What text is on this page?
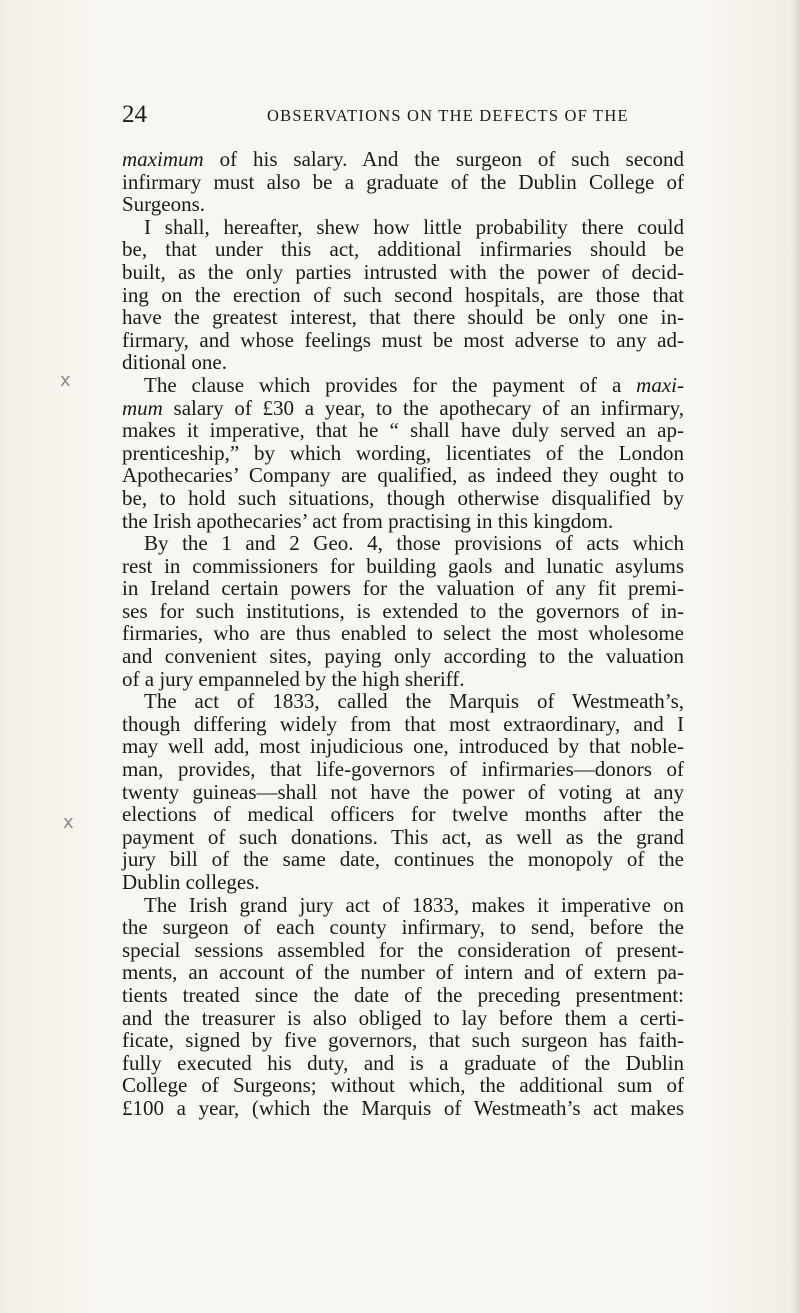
24	OBSERVATIONS ON THE DEFECTS OF THE
x
x
maximum of his salary. And the surgeon of such second
infirmary must also be a graduate of the Dublin College of
Surgeons.
I shall, hereafter, shew how little probability there could
be, that under this act, additional infirmaries should be
built, as the only parties intrusted with the power of decid-
ing on the erection of such second hospitals, are those that
have the greatest interest, that there should be only one in-
firmary, and whose feelings must be most adverse to any ad-
ditional one.
The clause which provides for the payment of a maxi-
mum salary of £30 a year, to the apothecary of an infirmary,
makes it imperative, that he “ shall have duly served an ap-
prenticeship,” by which wording, licentiates of the London
Apothecaries’ Company are qualified, as indeed they ought to
be, to hold such situations, though otherwise disqualified by
the Irish apothecaries’ act from practising in this kingdom.
By the 1 and 2 Geo. 4, those provisions of acts which
rest in commissioners for building gaols and lunatic asylums
in Ireland certain powers for the valuation of any fit premi-
ses for such institutions, is extended to the governors of in-
firmaries, who are thus enabled to select the most wholesome
and convenient sites, paying only according to the valuation
of a jury empanneled by the high sheriff.
The act of 1833, called the Marquis of Westmeath’s,
though differing widely from that most extraordinary, and I
may well add, most injudicious one, introduced by that noble-
man, provides, that life-governors of infirmaries—donors of
twenty guineas—shall not have the power of voting at any
elections of medical officers for twelve months after the
payment of such donations. This act, as well as the grand
jury bill of the same date, continues the monopoly of the
Dublin colleges.
The Irish grand jury act of 1833, makes it imperative on
the surgeon of each county infirmary, to send, before the
special sessions assembled for the consideration of present-
ments, an account of the number of intern and of extern pa-
tients treated since the date of the preceding presentment:
and the treasurer is also obliged to lay before them a certi-
ficate, signed by five governors, that such surgeon has faith-
fully executed his duty, and is a graduate of the Dublin
College of Surgeons; without which, the additional sum of
£100 a year, (which the Marquis of Westmeath’s act makes
